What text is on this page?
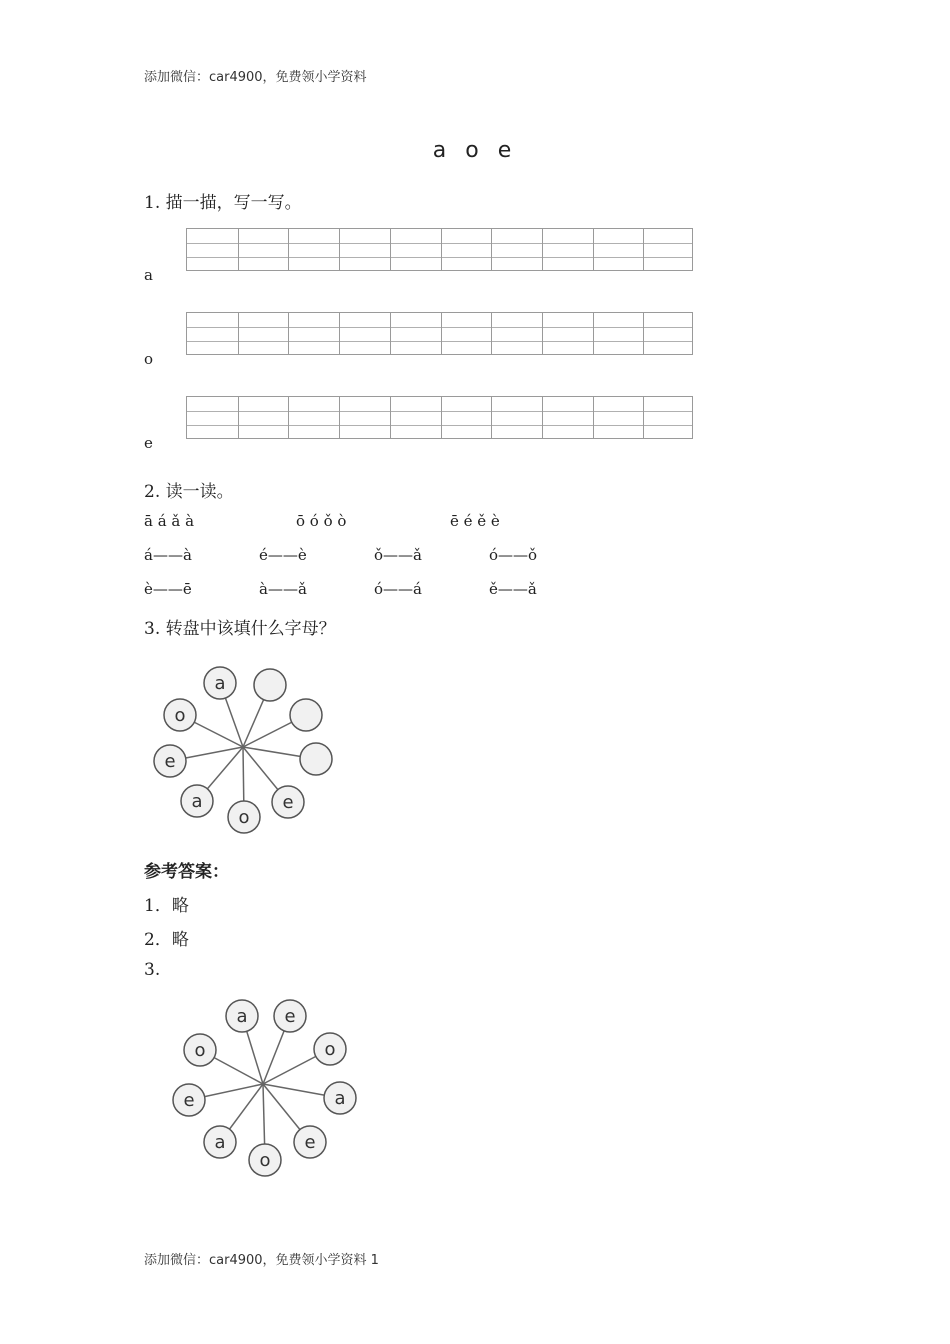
添加微信：car4900，免费领小学资料
a o e
1. 描一描，写一写。
a
o
e
2. 读一读。
ā á ǎ à	ō ó ǒ ò	ē é ě è
á——à	é——è	ǒ——ǎ	ó——ǒ
è——ē	à——ǎ	ó——á	ě——ǎ
3. 转盘中该填什么字母？
a
e
o
a
e
o
参考答案：
1．略
2．略
3.
a e
o
a
e
o
a
e
o
添加微信：car4900，免费领小学资料 1
